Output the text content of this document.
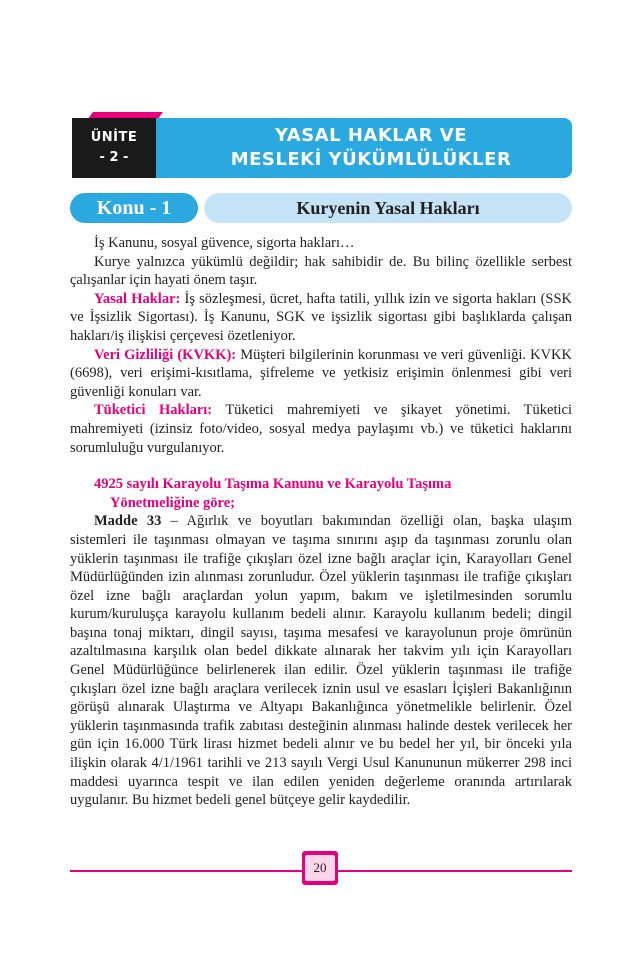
ÜNİTE
- 2 -
YASAL HAKLAR VE
MESLEKİ YÜKÜMLÜLÜKLER
Konu - 1	Kuryenin Yasal Hakları

İş Kanunu, sosyal güvence, sigorta hakları…

Kurye yalnızca yükümlü değildir; hak sahibidir de. Bu bilinç özellikle serbest çalışanlar için hayati önem taşır.

Yasal Haklar: İş sözleşmesi, ücret, hafta tatili, yıllık izin ve sigorta hakları (SSK ve İşsizlik Sigortası). İş Kanunu, SGK ve işsizlik sigortası gibi başlıklarda çalışan hakları/iş ilişkisi çerçevesi özetleniyor.

Veri Gizliliği (KVKK): Müşteri bilgilerinin korunması ve veri güvenliği. KVKK (6698), veri erişimi-kısıtlama, şifreleme ve yetkisiz erişimin önlenmesi gibi veri güvenliği konuları var.

Tüketici Hakları: Tüketici mahremiyeti ve şikayet yönetimi. Tüketici mahremiyeti (izinsiz foto/video, sosyal medya paylaşımı vb.) ve tüketici haklarını sorumluluğu vurgulanıyor.

4925 sayılı Karayolu Taşıma Kanunu ve Karayolu Taşıma
Yönetmeliğine göre;

Madde 33 – Ağırlık ve boyutları bakımından özelliği olan, başka ulaşım sistemleri ile taşınması olmayan ve taşıma sınırını aşıp da taşınması zorunlu olan yüklerin taşınması ile trafiğe çıkışları özel izne bağlı araçlar için, Karayolları Genel Müdürlüğünden izin alınması zorunludur. Özel yüklerin taşınması ile trafiğe çıkışları özel izne bağlı araçlardan yolun yapım, bakım ve işletilmesinden sorumlu kurum/kuruluşça karayolu kullanım bedeli alınır. Karayolu kullanım bedeli; dingil başına tonaj miktarı, dingil sayısı, taşıma mesafesi ve karayolunun proje ömrünün azaltılmasına karşılık olan bedel dikkate alınarak her takvim yılı için Karayolları Genel Müdürlüğünce belirlenerek ilan edilir. Özel yüklerin taşınması ile trafiğe çıkışları özel izne bağlı araçlara verilecek iznin usul ve esasları İçişleri Bakanlığının görüşü alınarak Ulaştırma ve Altyapı Bakanlığınca yönetmelikle belirlenir. Özel yüklerin taşınmasında trafik zabıtası desteğinin alınması halinde destek verilecek her gün için 16.000 Türk lirası hizmet bedeli alınır ve bu bedel her yıl, bir önceki yıla ilişkin olarak 4/1/1961 tarihli ve 213 sayılı Vergi Usul Kanununun mükerrer 298 inci maddesi uyarınca tespit ve ilan edilen yeniden değerleme oranında artırılarak uygulanır. Bu hizmet bedeli genel bütçeye gelir kaydedilir.

20
